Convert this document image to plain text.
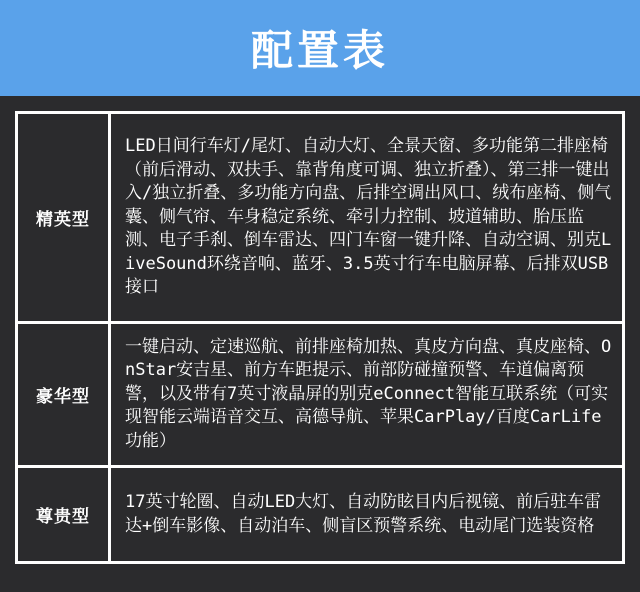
配置表
精英型	LED日间行车灯/尾灯、自动大灯、全景天窗、多功能第二排座椅（前后滑动、双扶手、靠背角度可调、独立折叠）、第三排一键出入/独立折叠、多功能方向盘、后排空调出风口、绒布座椅、侧气囊、侧气帘、车身稳定系统、牵引力控制、坡道辅助、胎压监测、电子手刹、倒车雷达、四门车窗一键升降、自动空调、别克LiveSound环绕音响、蓝牙、3.5英寸行车电脑屏幕、后排双USB接口
豪华型	一键启动、定速巡航、前排座椅加热、真皮方向盘、真皮座椅、OnStar安吉星、前方车距提示、前部防碰撞预警、车道偏离预警，以及带有7英寸液晶屏的别克eConnect智能互联系统（可实现智能云端语音交互、高德导航、苹果CarPlay/百度CarLife功能）
尊贵型	17英寸轮圈、自动LED大灯、自动防眩目内后视镜、前后驻车雷达+倒车影像、自动泊车、侧盲区预警系统、电动尾门选装资格
